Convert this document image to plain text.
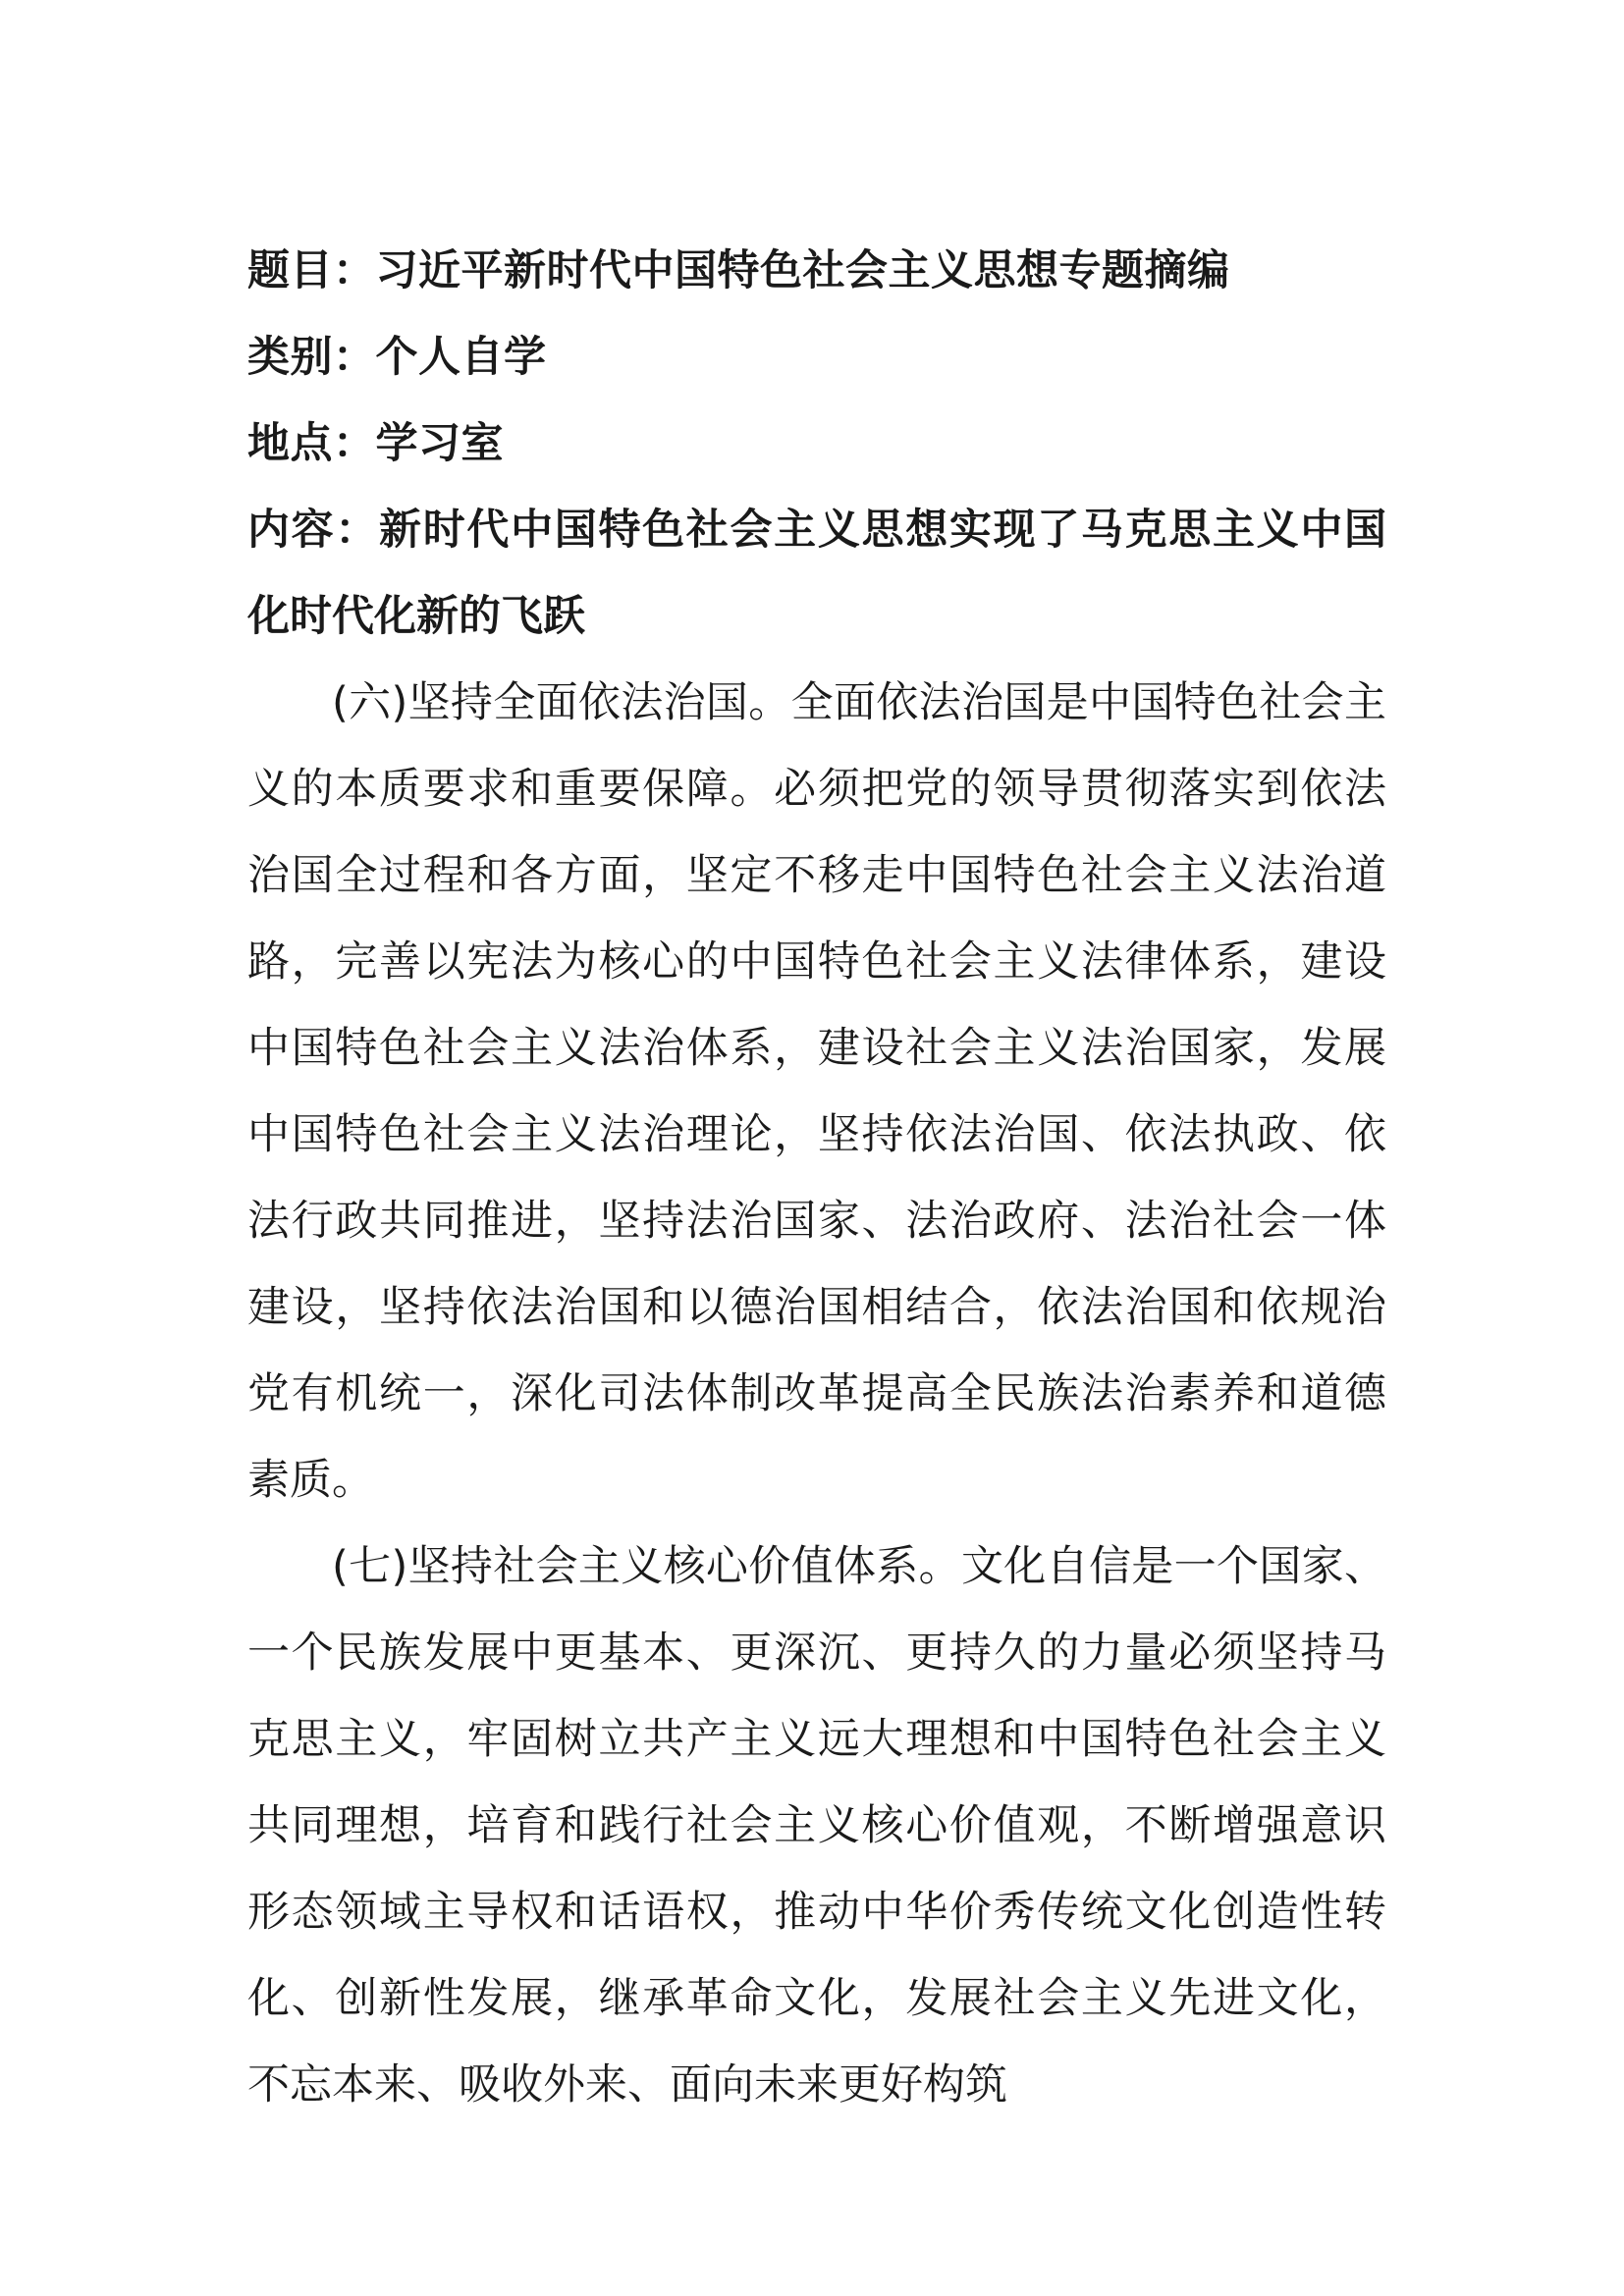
题目：习近平新时代中国特色社会主义思想专题摘编
类别：个人自学
地点：学习室
内容：新时代中国特色社会主义思想实现了马克思主义中国化时代化新的飞跃

(六)坚持全面依法治国。全面依法治国是中国特色社会主义的本质要求和重要保障。必须把党的领导贯彻落实到依法治国全过程和各方面，坚定不移走中国特色社会主义法治道路，完善以宪法为核心的中国特色社会主义法律体系，建设中国特色社会主义法治体系，建设社会主义法治国家，发展中国特色社会主义法治理论，坚持依法治国、依法执政、依法行政共同推进，坚持法治国家、法治政府、法治社会一体建设，坚持依法治国和以德治国相结合，依法治国和依规治党有机统一，深化司法体制改革提高全民族法治素养和道德素质。

(七)坚持社会主义核心价值体系。文化自信是一个国家、一个民族发展中更基本、更深沉、更持久的力量必须坚持马克思主义，牢固树立共产主义远大理想和中国特色社会主义共同理想，培育和践行社会主义核心价值观，不断增强意识形态领域主导权和话语权，推动中华价秀传统文化创造性转化、创新性发展，继承革命文化，发展社会主义先进文化，不忘本来、吸收外来、面向未来更好构筑
